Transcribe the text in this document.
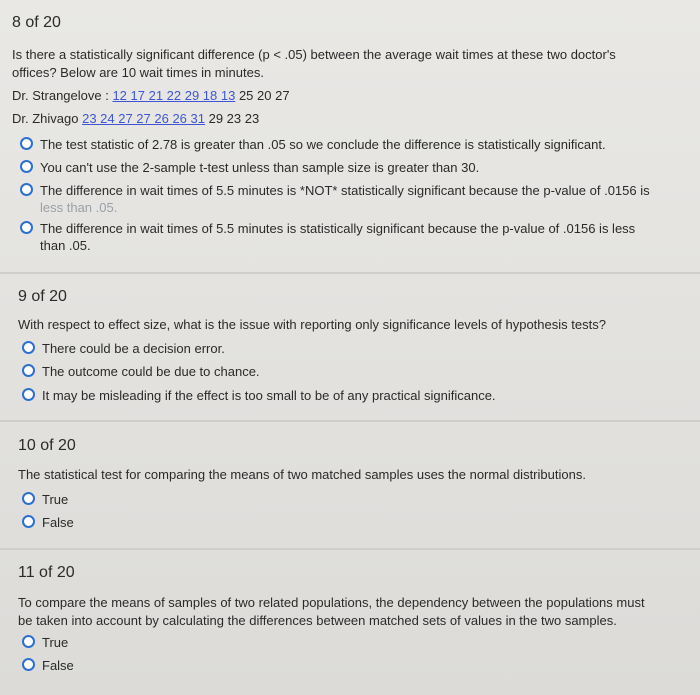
8 of 20
Is there a statistically significant difference (p < .05) between the average wait times at these two doctor's
offices? Below are 10 wait times in minutes.
Dr. Strangelove : 12 17 21 22 29 18 13 25 20 27
Dr. Zhivago 23 24 27 27 26 26 31 29 23 23
The test statistic of 2.78 is greater than .05 so we conclude the difference is statistically significant.
You can't use the 2-sample t-test unless than sample size is greater than 30.
The difference in wait times of 5.5 minutes is *NOT* statistically significant because the p-value of .0156 is
less than .05.
The difference in wait times of 5.5 minutes is statistically significant because the p-value of .0156 is less
than .05.
9 of 20
With respect to effect size, what is the issue with reporting only significance levels of hypothesis tests?
There could be a decision error.
The outcome could be due to chance.
It may be misleading if the effect is too small to be of any practical significance.
10 of 20
The statistical test for comparing the means of two matched samples uses the normal distributions.
True
False
11 of 20
To compare the means of samples of two related populations, the dependency between the populations must
be taken into account by calculating the differences between matched sets of values in the two samples.
True
False
